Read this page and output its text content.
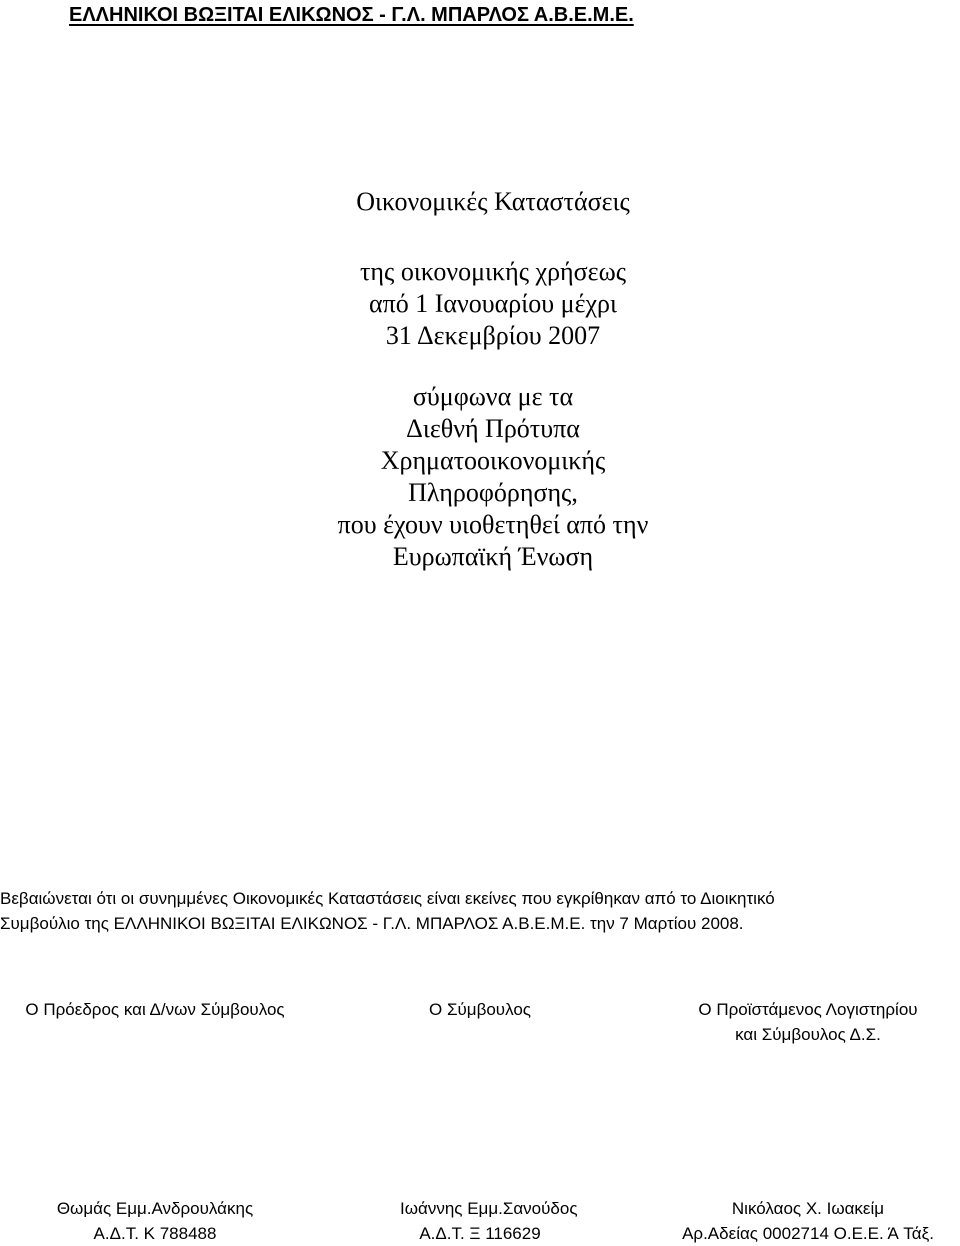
ΕΛΛΗΝΙΚΟΙ ΒΩΞΙΤΑΙ ΕΛΙΚΩΝΟΣ - Γ.Λ. ΜΠΑΡΛΟΣ Α.Β.Ε.Μ.Ε.
Οικονομικές Καταστάσεις
της οικονομικής χρήσεως
από 1 Ιανουαρίου μέχρι
31 Δεκεμβρίου 2007
σύμφωνα με τα
Διεθνή Πρότυπα
Χρηματοοικονομικής
Πληροφόρησης,
που έχουν υιοθετηθεί από την
Ευρωπαϊκή Ένωση
Βεβαιώνεται ότι οι συνημμένες Οικονομικές Καταστάσεις είναι εκείνες που εγκρίθηκαν από το Διοικητικό
Συμβούλιο της ΕΛΛΗΝΙΚΟΙ ΒΩΞΙΤΑΙ ΕΛΙΚΩΝΟΣ - Γ.Λ. ΜΠΑΡΛΟΣ Α.Β.Ε.Μ.Ε. την 7 Μαρτίου 2008.
Ο Πρόεδρος και Δ/νων Σύμβουλος	Ο Σύμβουλος	Ο Προϊστάμενος Λογιστηρίου
και Σύμβουλος Δ.Σ.
Θωμάς Εμμ.Ανδρουλάκης
Α.Δ.Τ. Κ 788488
Ιωάννης Εμμ.Σανούδος
Α.Δ.Τ. Ξ 116629
Νικόλαος Χ. Ιωακείμ
Αρ.Αδείας 0002714 Ο.Ε.Ε. Ά Τάξ.
